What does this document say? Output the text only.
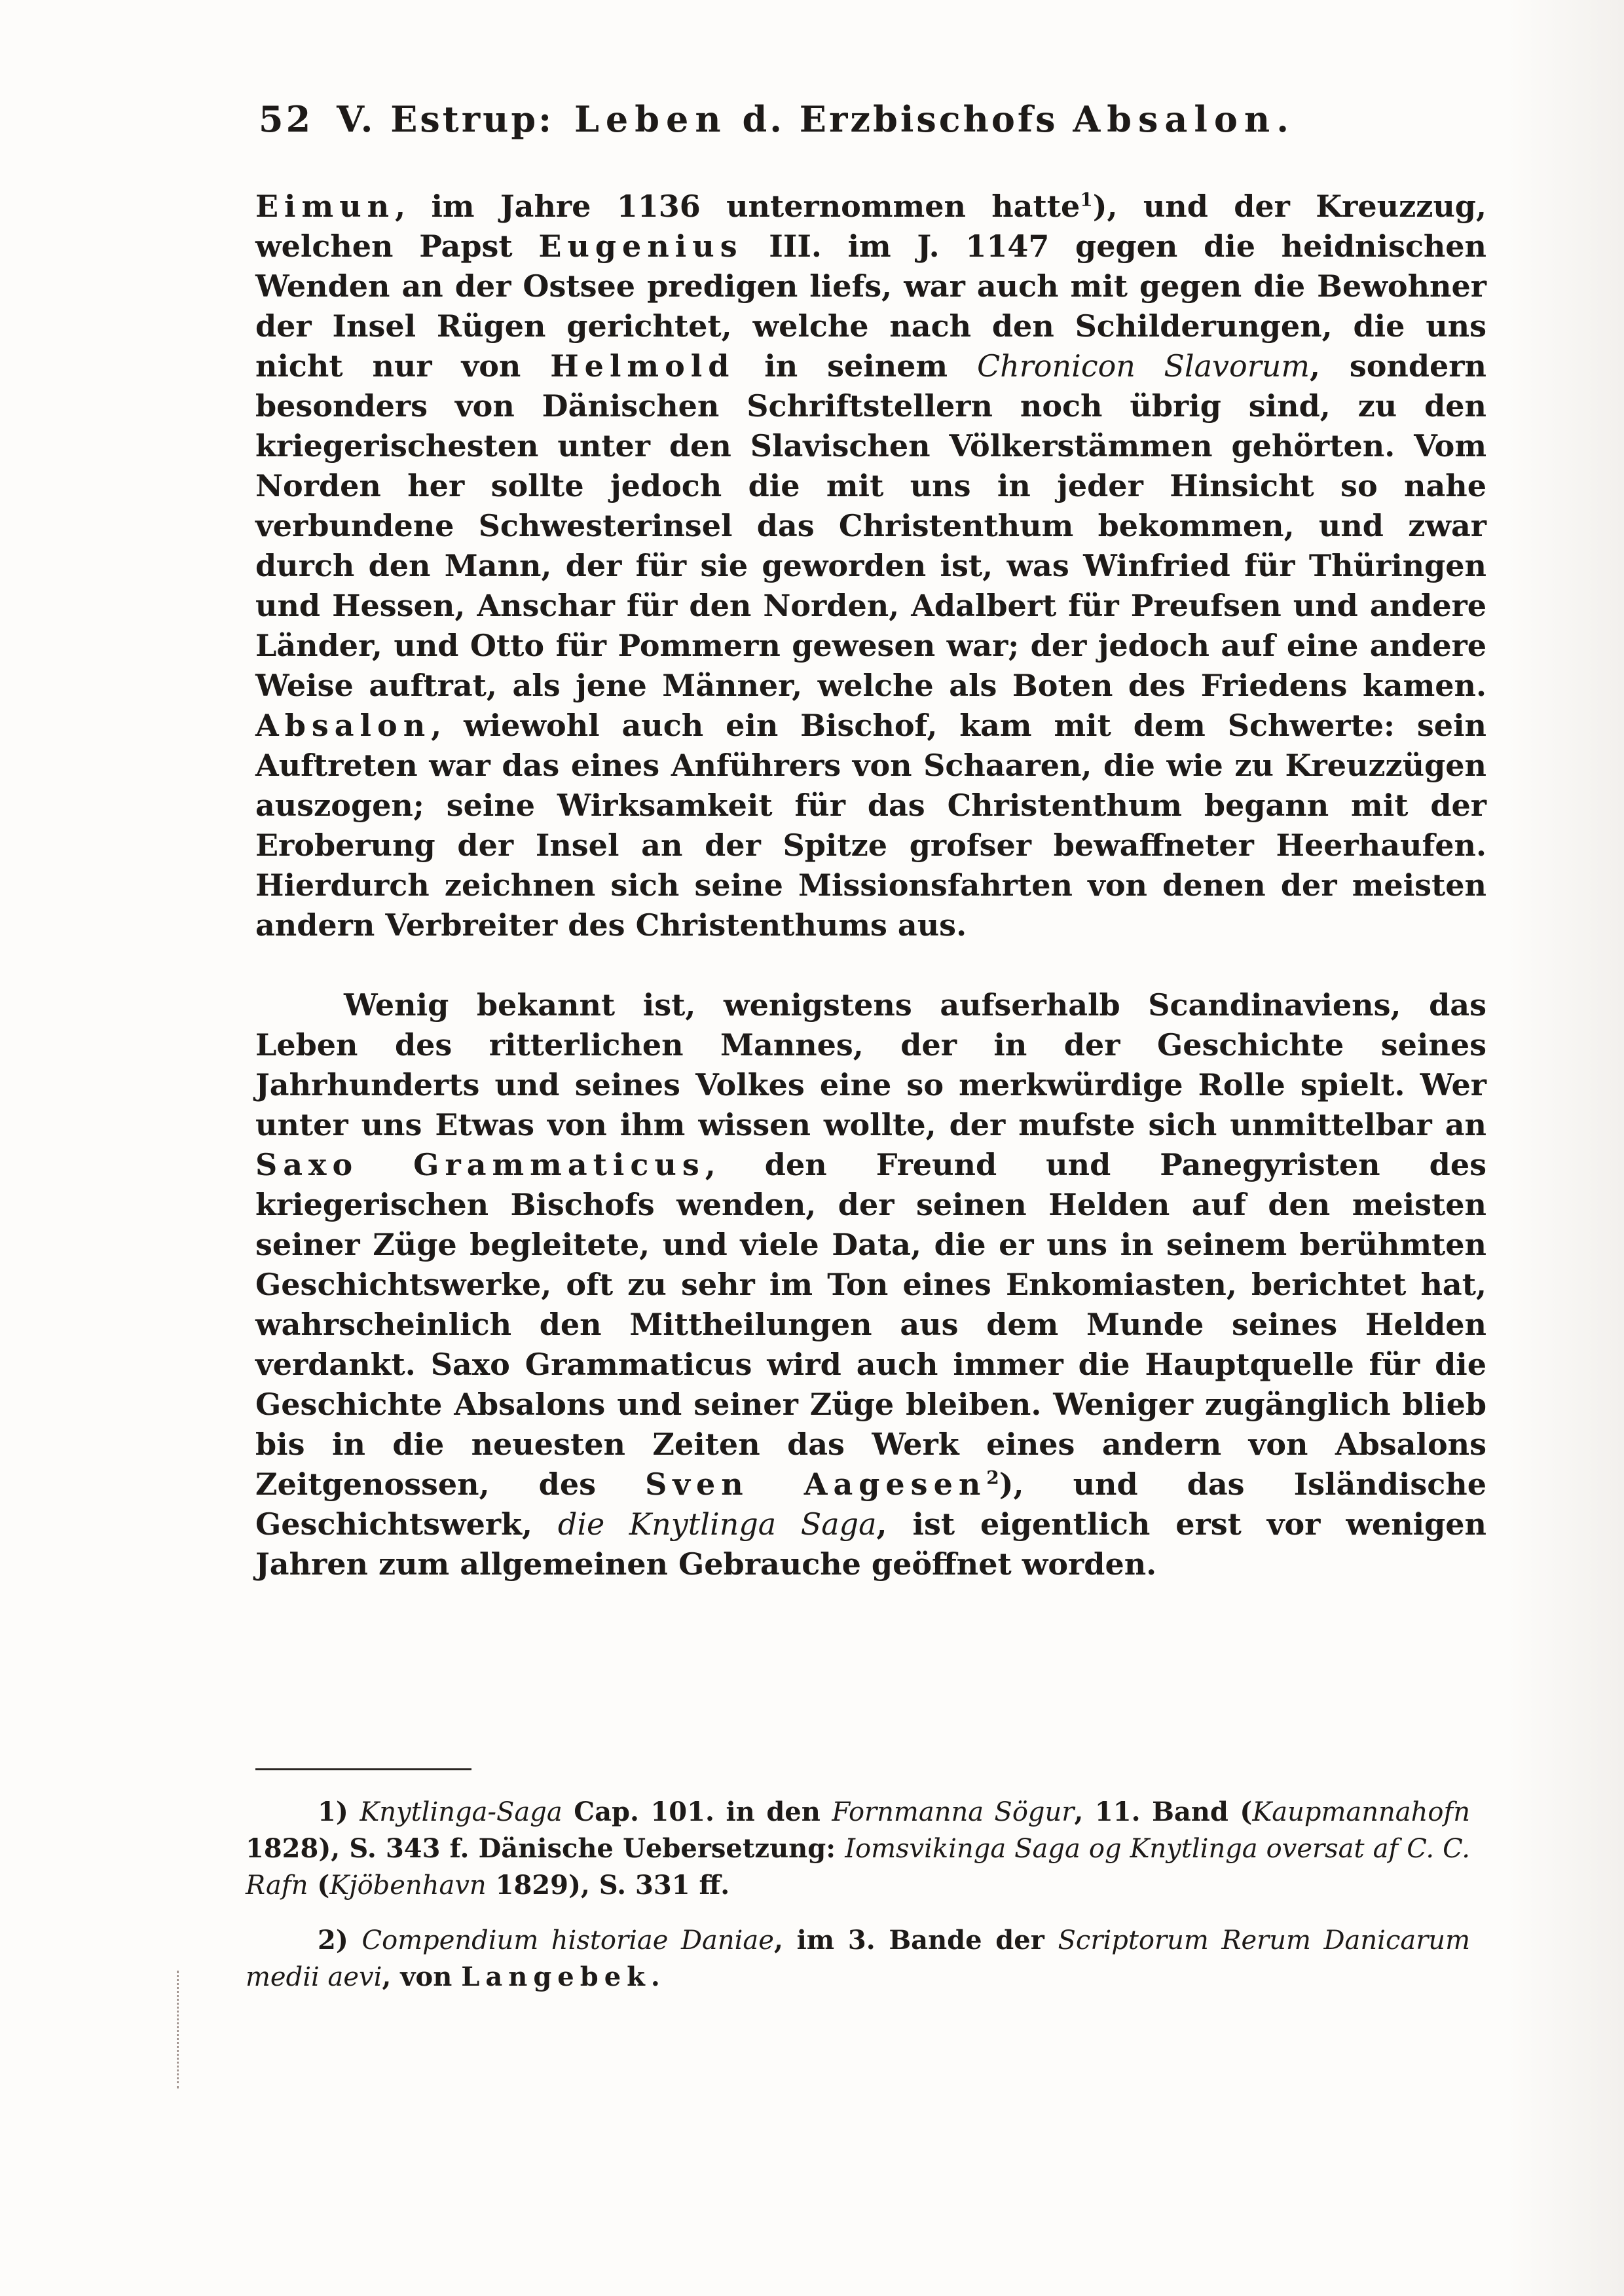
52 V. Estrup: Leben d. Erzbischofs Absalon.

Eimun, im Jahre 1136 unternommen hatte$^1$), und der Kreuzzug, welchen Papst Eugenius III. im J. 1147 gegen die heidnischen Wenden an der Ostsee predigen liefs, war auch mit gegen die Bewohner der Insel Rügen gerichtet, welche nach den Schilderungen, die uns nicht nur von Helmold in seinem Chronicon Slavorum, sondern besonders von Dänischen Schriftstellern noch übrig sind, zu den kriegerischesten unter den Slavischen Völkerstämmen gehörten. Vom Norden her sollte jedoch die mit uns in jeder Hinsicht so nahe verbundene Schwesterinsel das Christenthum bekommen, und zwar durch den Mann, der für sie geworden ist, was Winfried für Thüringen und Hessen, Anschar für den Norden, Adalbert für Preufsen und andere Länder, und Otto für Pommern gewesen war; der jedoch auf eine andere Weise auftrat, als jene Männer, welche als Boten des Friedens kamen. Absalon, wiewohl auch ein Bischof, kam mit dem Schwerte: sein Auftreten war das eines Anführers von Schaaren, die wie zu Kreuzzügen auszogen; seine Wirksamkeit für das Christenthum begann mit der Eroberung der Insel an der Spitze grofser bewaffneter Heerhaufen. Hierdurch zeichnen sich seine Missionsfahrten von denen der meisten andern Verbreiter des Christenthums aus.

Wenig bekannt ist, wenigstens aufserhalb Scandinaviens, das Leben des ritterlichen Mannes, der in der Geschichte seines Jahrhunderts und seines Volkes eine so merkwürdige Rolle spielt. Wer unter uns Etwas von ihm wissen wollte, der mufste sich unmittelbar an Saxo Grammaticus, den Freund und Panegyristen des kriegerischen Bischofs wenden, der seinen Helden auf den meisten seiner Züge begleitete, und viele Data, die er uns in seinem berühmten Geschichtswerke, oft zu sehr im Ton eines Enkomiasten, berichtet hat, wahrscheinlich den Mittheilungen aus dem Munde seines Helden verdankt. Saxo Grammaticus wird auch immer die Hauptquelle für die Geschichte Absalons und seiner Züge bleiben. Weniger zugänglich blieb bis in die neuesten Zeiten das Werk eines andern von Absalons Zeitgenossen, des Sven Aagesen$^2$), und das Isländische Geschichtswerk, die Knytlinga Saga, ist eigentlich erst vor wenigen Jahren zum allgemeinen Gebrauche geöffnet worden.

1) Knytlinga-Saga Cap. 101. in den Fornmanna Sögur, 11. Band (Kaupmannahofn 1828), S. 343 f. Dänische Uebersetzung: Iomsvikinga Saga og Knytlinga oversat af C. C. Rafn (Kjöbenhavn 1829), S. 331 ff.

2) Compendium historiae Daniae, im 3. Bande der Scriptorum Rerum Danicarum medii aevi, von Langebek.
